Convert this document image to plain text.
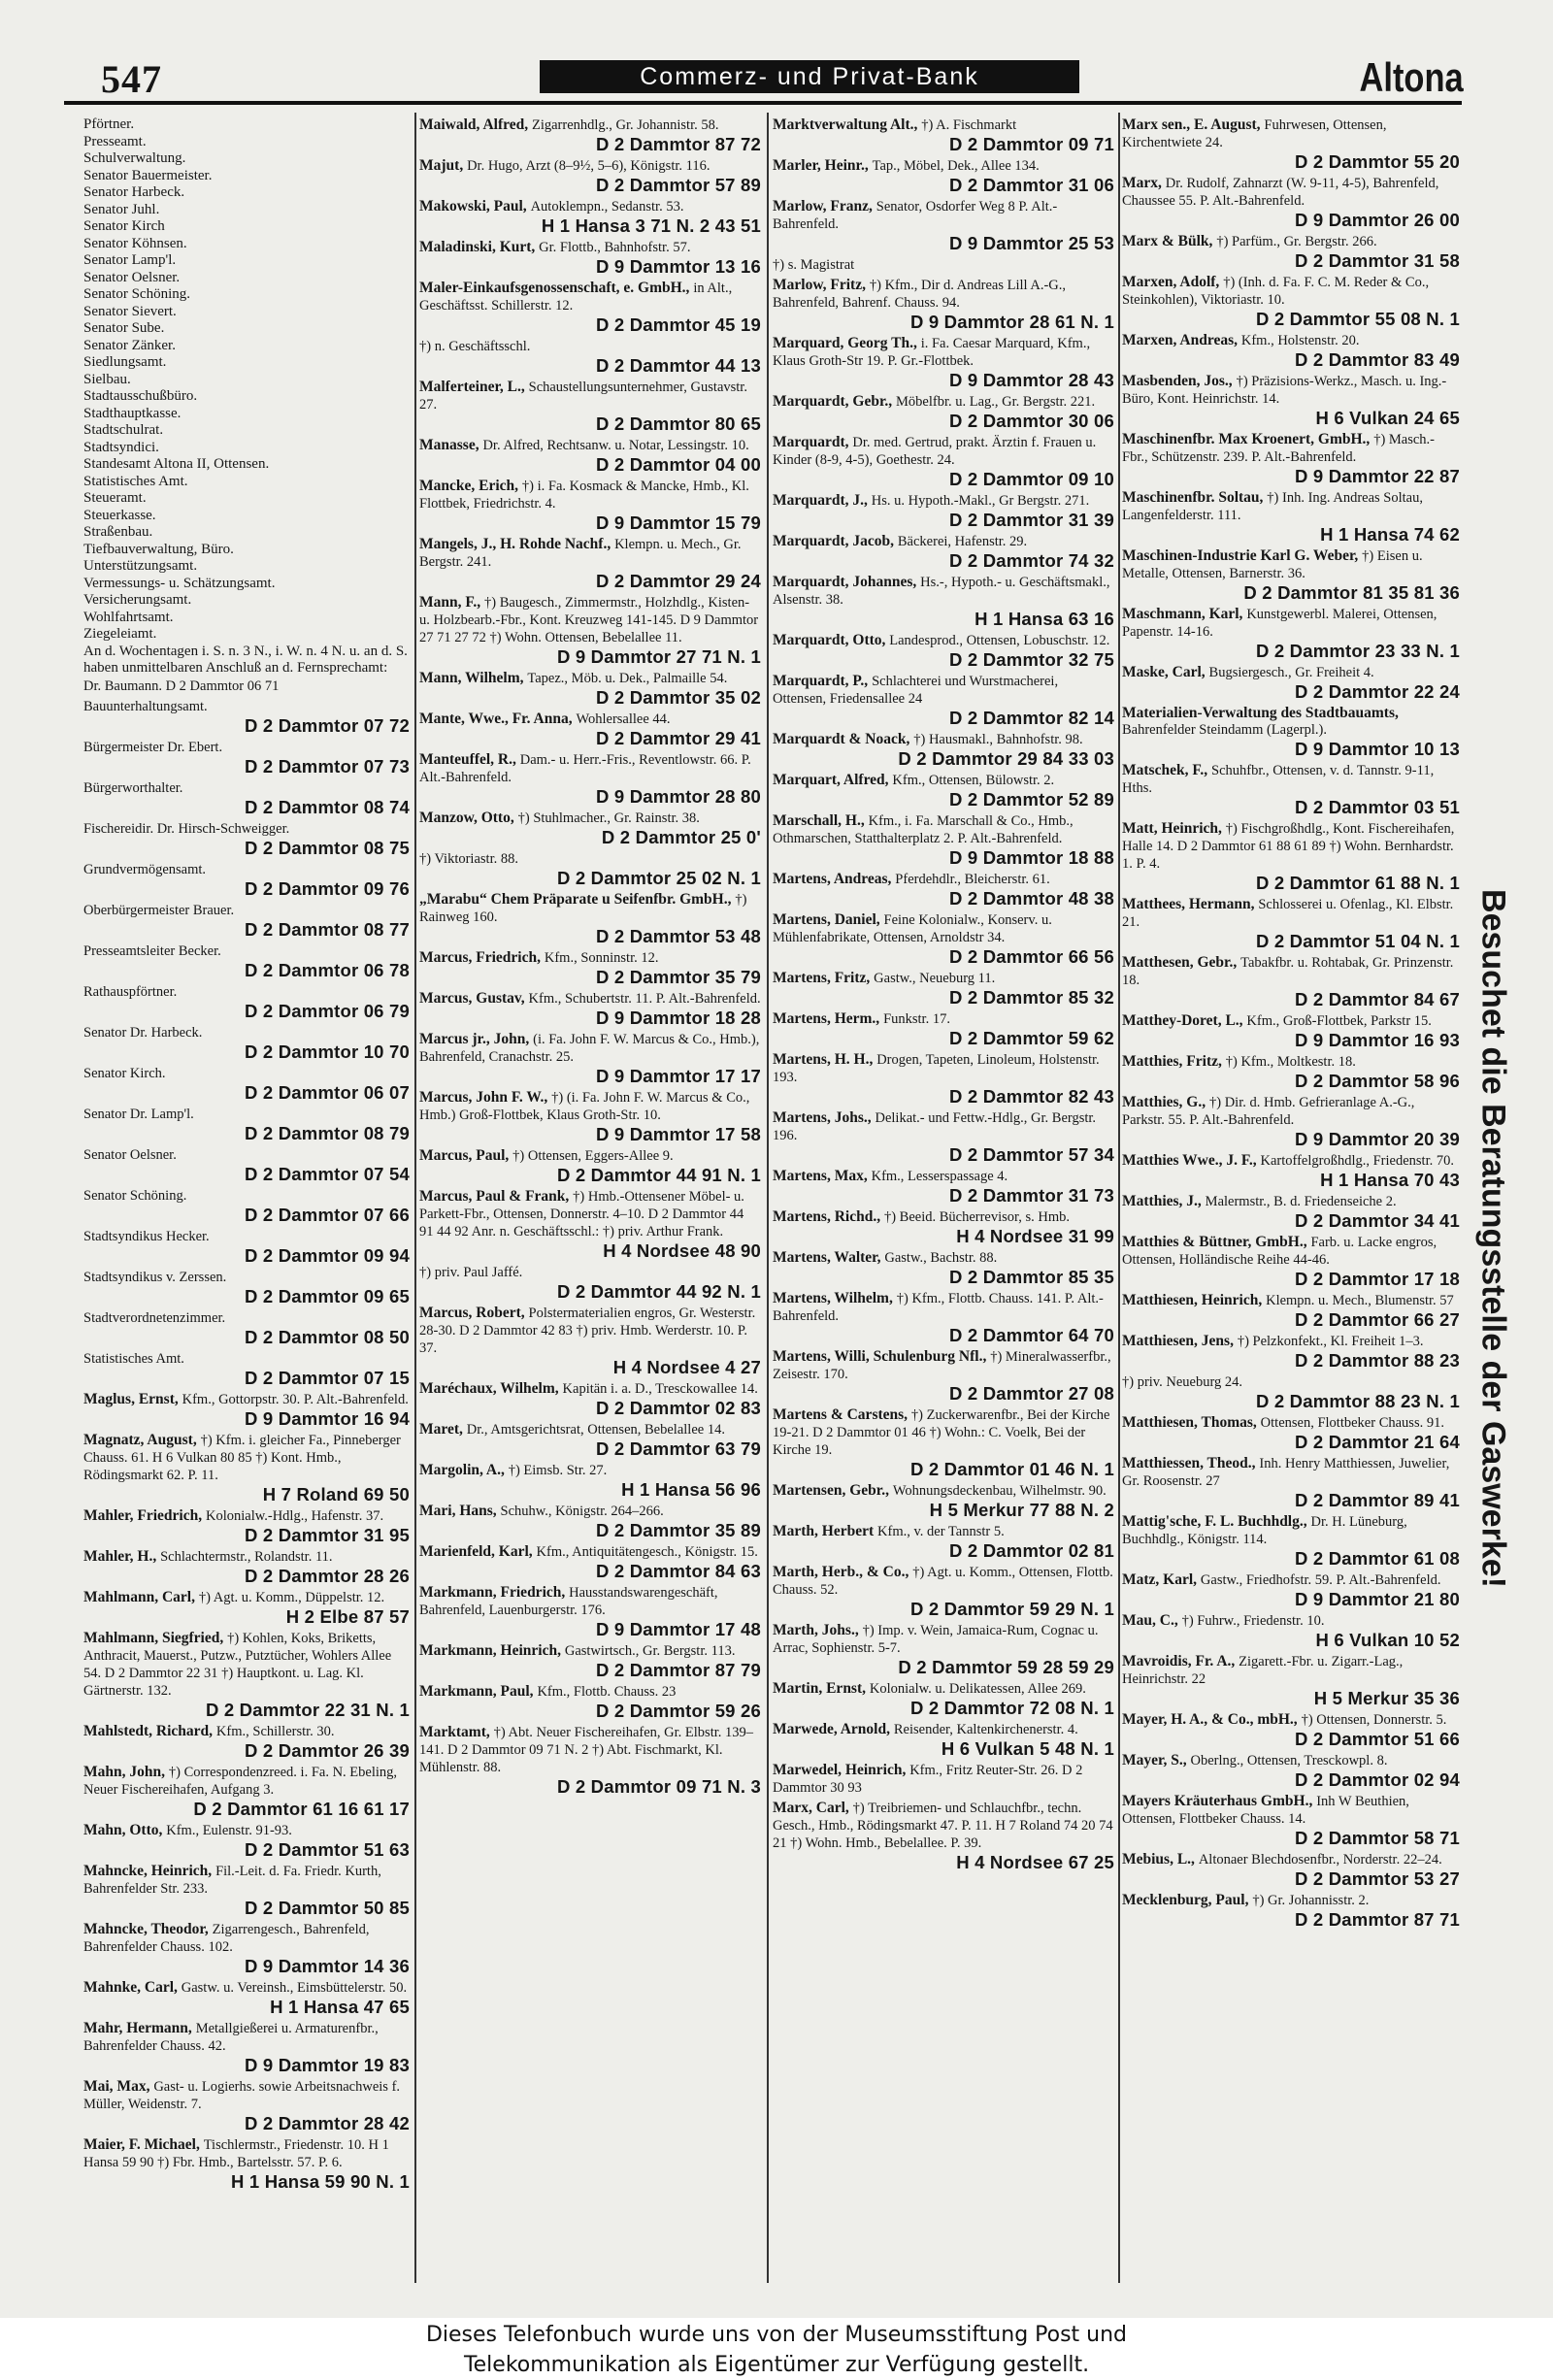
547	Commerz- und Privat-Bank	Altona
Pförtner.
Presseamt.
Schulverwaltung.
Senator Bauermeister.
Senator Harbeck.
Senator Juhl.
Senator Kirch
Senator Köhnsen.
Senator Lamp'l.
Senator Oelsner.
Senator Schöning.
Senator Sievert.
Senator Sube.
Senator Zänker.
Siedlungsamt.
Sielbau.
Stadtausschußbüro.
Stadthauptkasse.
Stadtschulrat.
Stadtsyndici.
Standesamt Altona II, Ottensen.
Statistisches Amt.
Steueramt.
Steuerkasse.
Straßenbau.
Tiefbauverwaltung, Büro.
Unterstützungsamt.
Vermessungs- u. Schätzungsamt.
Versicherungsamt.
Wohlfahrtsamt.
Ziegeleiamt.
An d. Wochentagen i. S. n. 3 N., i. W. n. 4 N. u. an d. S. haben unmittelbaren Anschluß an d. Fernsprechamt:
Dr. Baumann. D 2 Dammtor 06 71
Bauunterhaltungsamt.
D 2 Dammtor 07 72
Bürgermeister Dr. Ebert.
D 2 Dammtor 07 73
Bürgerworthalter.
D 2 Dammtor 08 74
Fischereidir. Dr. Hirsch-Schweigger.
D 2 Dammtor 08 75
Grundvermögensamt.
D 2 Dammtor 09 76
Oberbürgermeister Brauer.
D 2 Dammtor 08 77
Presseamtsleiter Becker.
D 2 Dammtor 06 78
Rathauspförtner.
D 2 Dammtor 06 79
Senator Dr. Harbeck.
D 2 Dammtor 10 70
Senator Kirch.
D 2 Dammtor 06 07
Senator Dr. Lamp'l.
D 2 Dammtor 08 79
Senator Oelsner.
D 2 Dammtor 07 54
Senator Schöning.
D 2 Dammtor 07 66
Stadtsyndikus Hecker.
D 2 Dammtor 09 94
Stadtsyndikus v. Zerssen.
D 2 Dammtor 09 65
Stadtverordnetenzimmer.
D 2 Dammtor 08 50
Statistisches Amt.
D 2 Dammtor 07 15
Maglus, Ernst, Kfm., Gottorpstr. 30. P. Alt.-Bahrenfeld.
D 9 Dammtor 16 94
Magnatz, August, †) Kfm. i. gleicher Fa., Pinneberger Chauss. 61. H 6 Vulkan 80 85 †) Kont. Hmb., Rödingsmarkt 62. P. 11.
H 7 Roland 69 50
Mahler, Friedrich, Kolonialw.-Hdlg., Hafenstr. 37.
D 2 Dammtor 31 95
Mahler, H., Schlachtermstr., Rolandstr. 11.
D 2 Dammtor 28 26
Mahlmann, Carl, †) Agt. u. Komm., Düppelstr. 12.
H 2 Elbe 87 57
Mahlmann, Siegfried, †) Kohlen, Koks, Briketts, Anthracit, Mauerst., Putzw., Putztücher, Wohlers Allee 54. D 2 Dammtor 22 31 †) Hauptkont. u. Lag. Kl. Gärtnerstr. 132.
D 2 Dammtor 22 31 N. 1
Mahlstedt, Richard, Kfm., Schillerstr. 30.
D 2 Dammtor 26 39
Mahn, John, †) Correspondenzreed. i. Fa. N. Ebeling, Neuer Fischereihafen, Aufgang 3.
D 2 Dammtor 61 16 61 17
Mahn, Otto, Kfm., Eulenstr. 91-93.
D 2 Dammtor 51 63
Mahncke, Heinrich, Fil.-Leit. d. Fa. Friedr. Kurth, Bahrenfelder Str. 233.
D 2 Dammtor 50 85
Mahncke, Theodor, Zigarrengesch., Bahrenfeld, Bahrenfelder Chauss. 102.
D 9 Dammtor 14 36
Mahnke, Carl, Gastw. u. Vereinsh., Eimsbüttelerstr. 50.
H 1 Hansa 47 65
Mahr, Hermann, Metallgießerei u. Armaturenfbr., Bahrenfelder Chauss. 42.
D 9 Dammtor 19 83
Mai, Max, Gast- u. Logierhs. sowie Arbeitsnachweis f. Müller, Weidenstr. 7.
D 2 Dammtor 28 42
Maier, F. Michael, Tischlermstr., Friedenstr. 10. H 1 Hansa 59 90 †) Fbr. Hmb., Bartelsstr. 57. P. 6.
H 1 Hansa 59 90 N. 1
Maiwald, Alfred, Zigarrenhdlg., Gr. Johannistr. 58.
D 2 Dammtor 87 72
Majut, Dr. Hugo, Arzt (8–9½, 5–6), Königstr. 116.
D 2 Dammtor 57 89
Makowski, Paul, Autoklempn., Sedanstr. 53.
H 1 Hansa 3 71 N. 2 43 51
Maladinski, Kurt, Gr. Flottb., Bahnhofstr. 57.
D 9 Dammtor 13 16
Maler-Einkaufsgenossenschaft, e. GmbH., in Alt., Geschäftsst. Schillerstr. 12.
D 2 Dammtor 45 19
†) n. Geschäftsschl.
D 2 Dammtor 44 13
Malferteiner, L., Schaustellungsunternehmer, Gustavstr. 27.
D 2 Dammtor 80 65
Manasse, Dr. Alfred, Rechtsanw. u. Notar, Lessingstr. 10.
D 2 Dammtor 04 00
Mancke, Erich, †) i. Fa. Kosmack & Mancke, Hmb., Kl. Flottbek, Friedrichstr. 4.
D 9 Dammtor 15 79
Mangels, J., H. Rohde Nachf., Klempn. u. Mech., Gr. Bergstr. 241.
D 2 Dammtor 29 24
Mann, F., †) Baugesch., Zimmermstr., Holzhdlg., Kisten- u. Holzbearb.-Fbr., Kont. Kreuzweg 141-145. D 9 Dammtor 27 71 27 72 †) Wohn. Ottensen, Bebelallee 11.
D 9 Dammtor 27 71 N. 1
Mann, Wilhelm, Tapez., Möb. u. Dek., Palmaille 54.
D 2 Dammtor 35 02
Mante, Wwe., Fr. Anna, Wohlersallee 44.
D 2 Dammtor 29 41
Manteuffel, R., Dam.- u. Herr.-Fris., Reventlowstr. 66. P. Alt.-Bahrenfeld.
D 9 Dammtor 28 80
Manzow, Otto, †) Stuhlmacher., Gr. Rainstr. 38.
D 2 Dammtor 25 0'
†) Viktoriastr. 88.
D 2 Dammtor 25 02 N. 1
„Marabu“ Chem Präparate u Seifenfbr. GmbH., †) Rainweg 160.
D 2 Dammtor 53 48
Marcus, Friedrich, Kfm., Sonninstr. 12.
D 2 Dammtor 35 79
Marcus, Gustav, Kfm., Schubertstr. 11. P. Alt.-Bahrenfeld.
D 9 Dammtor 18 28
Marcus jr., John, (i. Fa. John F. W. Marcus & Co., Hmb.), Bahrenfeld, Cranachstr. 25.
D 9 Dammtor 17 17
Marcus, John F. W., †) (i. Fa. John F. W. Marcus & Co., Hmb.) Groß-Flottbek, Klaus Groth-Str. 10.
D 9 Dammtor 17 58
Marcus, Paul, †) Ottensen, Eggers-Allee 9.
D 2 Dammtor 44 91 N. 1
Marcus, Paul & Frank, †) Hmb.-Ottensener Möbel- u. Parkett-Fbr., Ottensen, Donnerstr. 4–10. D 2 Dammtor 44 91 44 92 Anr. n. Geschäftsschl.: †) priv. Arthur Frank.
H 4 Nordsee 48 90
†) priv. Paul Jaffé.
D 2 Dammtor 44 92 N. 1
Marcus, Robert, Polstermaterialien engros, Gr. Westerstr. 28-30. D 2 Dammtor 42 83 †) priv. Hmb. Werderstr. 10. P. 37.
H 4 Nordsee 4 27
Maréchaux, Wilhelm, Kapitän i. a. D., Tresckowallee 14.
D 2 Dammtor 02 83
Maret, Dr., Amtsgerichtsrat, Ottensen, Bebelallee 14.
D 2 Dammtor 63 79
Margolin, A., †) Eimsb. Str. 27.
H 1 Hansa 56 96
Mari, Hans, Schuhw., Königstr. 264–266.
D 2 Dammtor 35 89
Marienfeld, Karl, Kfm., Antiquitätengesch., Königstr. 15.
D 2 Dammtor 84 63
Markmann, Friedrich, Hausstandswarengeschäft, Bahrenfeld, Lauenburgerstr. 176.
D 9 Dammtor 17 48
Markmann, Heinrich, Gastwirtsch., Gr. Bergstr. 113.
D 2 Dammtor 87 79
Markmann, Paul, Kfm., Flottb. Chauss. 23
D 2 Dammtor 59 26
Marktamt, †) Abt. Neuer Fischereihafen, Gr. Elbstr. 139–141. D 2 Dammtor 09 71 N. 2 †) Abt. Fischmarkt, Kl. Mühlenstr. 88.
D 2 Dammtor 09 71 N. 3
Marktverwaltung Alt., †) A. Fischmarkt
D 2 Dammtor 09 71
Marler, Heinr., Tap., Möbel, Dek., Allee 134.
D 2 Dammtor 31 06
Marlow, Franz, Senator, Osdorfer Weg 8 P. Alt.-Bahrenfeld.
D 9 Dammtor 25 53
†) s. Magistrat
Marlow, Fritz, †) Kfm., Dir d. Andreas Lill A.-G., Bahrenfeld, Bahrenf. Chauss. 94.
D 9 Dammtor 28 61 N. 1
Marquard, Georg Th., i. Fa. Caesar Marquard, Kfm., Klaus Groth-Str 19. P. Gr.-Flottbek.
D 9 Dammtor 28 43
Marquardt, Gebr., Möbelfbr. u. Lag., Gr. Bergstr. 221.
D 2 Dammtor 30 06
Marquardt, Dr. med. Gertrud, prakt. Ärztin f. Frauen u. Kinder (8-9, 4-5), Goethestr. 24.
D 2 Dammtor 09 10
Marquardt, J., Hs. u. Hypoth.-Makl., Gr Bergstr. 271.
D 2 Dammtor 31 39
Marquardt, Jacob, Bäckerei, Hafenstr. 29.
D 2 Dammtor 74 32
Marquardt, Johannes, Hs.-, Hypoth.- u. Geschäftsmakl., Alsenstr. 38.
H 1 Hansa 63 16
Marquardt, Otto, Landesprod., Ottensen, Lobuschstr. 12.
D 2 Dammtor 32 75
Marquardt, P., Schlachterei und Wurstmacherei, Ottensen, Friedensallee 24
D 2 Dammtor 82 14
Marquardt & Noack, †) Hausmakl., Bahnhofstr. 98.
D 2 Dammtor 29 84 33 03
Marquart, Alfred, Kfm., Ottensen, Bülowstr. 2.
D 2 Dammtor 52 89
Marschall, H., Kfm., i. Fa. Marschall & Co., Hmb., Othmarschen, Statthalterplatz 2. P. Alt.-Bahrenfeld.
D 9 Dammtor 18 88
Martens, Andreas, Pferdehdlr., Bleicherstr. 61.
D 2 Dammtor 48 38
Martens, Daniel, Feine Kolonialw., Konserv. u. Mühlenfabrikate, Ottensen, Arnoldstr 34.
D 2 Dammtor 66 56
Martens, Fritz, Gastw., Neueburg 11.
D 2 Dammtor 85 32
Martens, Herm., Funkstr. 17.
D 2 Dammtor 59 62
Martens, H. H., Drogen, Tapeten, Linoleum, Holstenstr. 193.
D 2 Dammtor 82 43
Martens, Johs., Delikat.- und Fettw.-Hdlg., Gr. Bergstr. 196.
D 2 Dammtor 57 34
Martens, Max, Kfm., Lesserspassage 4.
D 2 Dammtor 31 73
Martens, Richd., †) Beeid. Bücherrevisor, s. Hmb.
H 4 Nordsee 31 99
Martens, Walter, Gastw., Bachstr. 88.
D 2 Dammtor 85 35
Martens, Wilhelm, †) Kfm., Flottb. Chauss. 141. P. Alt.-Bahrenfeld.
D 2 Dammtor 64 70
Martens, Willi, Schulenburg Nfl., †) Mineralwasserfbr., Zeisestr. 170.
D 2 Dammtor 27 08
Martens & Carstens, †) Zuckerwarenfbr., Bei der Kirche 19-21. D 2 Dammtor 01 46 †) Wohn.: C. Voelk, Bei der Kirche 19.
D 2 Dammtor 01 46 N. 1
Martensen, Gebr., Wohnungsdeckenbau, Wilhelmstr. 90.
H 5 Merkur 77 88 N. 2
Marth, Herbert Kfm., v. der Tannstr 5.
D 2 Dammtor 02 81
Marth, Herb., & Co., †) Agt. u. Komm., Ottensen, Flottb. Chauss. 52.
D 2 Dammtor 59 29 N. 1
Marth, Johs., †) Imp. v. Wein, Jamaica-Rum, Cognac u. Arrac, Sophienstr. 5-7.
D 2 Dammtor 59 28 59 29
Martin, Ernst, Kolonialw. u. Delikatessen, Allee 269.
D 2 Dammtor 72 08 N. 1
Marwede, Arnold, Reisender, Kaltenkirchenerstr. 4.
H 6 Vulkan 5 48 N. 1
Marwedel, Heinrich, Kfm., Fritz Reuter-Str. 26. D 2 Dammtor 30 93
Marx, Carl, †) Treibriemen- und Schlauchfbr., techn. Gesch., Hmb., Rödingsmarkt 47. P. 11. H 7 Roland 74 20 74 21 †) Wohn. Hmb., Bebelallee. P. 39.
H 4 Nordsee 67 25
Marx sen., E. August, Fuhrwesen, Ottensen, Kirchentwiete 24.
D 2 Dammtor 55 20
Marx, Dr. Rudolf, Zahnarzt (W. 9-11, 4-5), Bahrenfeld, Chaussee 55. P. Alt.-Bahrenfeld.
D 9 Dammtor 26 00
Marx & Bülk, †) Parfüm., Gr. Bergstr. 266.
D 2 Dammtor 31 58
Marxen, Adolf, †) (Inh. d. Fa. F. C. M. Reder & Co., Steinkohlen), Viktoriastr. 10.
D 2 Dammtor 55 08 N. 1
Marxen, Andreas, Kfm., Holstenstr. 20.
D 2 Dammtor 83 49
Masbenden, Jos., †) Präzisions-Werkz., Masch. u. Ing.-Büro, Kont. Heinrichstr. 14.
H 6 Vulkan 24 65
Maschinenfbr. Max Kroenert, GmbH., †) Masch.-Fbr., Schützenstr. 239. P. Alt.-Bahrenfeld.
D 9 Dammtor 22 87
Maschinenfbr. Soltau, †) Inh. Ing. Andreas Soltau, Langenfelderstr. 111.
H 1 Hansa 74 62
Maschinen-Industrie Karl G. Weber, †) Eisen u. Metalle, Ottensen, Barnerstr. 36.
D 2 Dammtor 81 35 81 36
Maschmann, Karl, Kunstgewerbl. Malerei, Ottensen, Papenstr. 14-16.
D 2 Dammtor 23 33 N. 1
Maske, Carl, Bugsiergesch., Gr. Freiheit 4.
D 2 Dammtor 22 24
Materialien-Verwaltung des Stadtbauamts, Bahrenfelder Steindamm (Lagerpl.).
D 9 Dammtor 10 13
Matschek, F., Schuhfbr., Ottensen, v. d. Tannstr. 9-11, Hths.
D 2 Dammtor 03 51
Matt, Heinrich, †) Fischgroßhdlg., Kont. Fischereihafen, Halle 14. D 2 Dammtor 61 88 61 89 †) Wohn. Bernhardstr. 1. P. 4.
D 2 Dammtor 61 88 N. 1
Matthees, Hermann, Schlosserei u. Ofenlag., Kl. Elbstr. 21.
D 2 Dammtor 51 04 N. 1
Matthesen, Gebr., Tabakfbr. u. Rohtabak, Gr. Prinzenstr. 18.
D 2 Dammtor 84 67
Matthey-Doret, L., Kfm., Groß-Flottbek, Parkstr 15.
D 9 Dammtor 16 93
Matthies, Fritz, †) Kfm., Moltkestr. 18.
D 2 Dammtor 58 96
Matthies, G., †) Dir. d. Hmb. Gefrieranlage A.-G., Parkstr. 55. P. Alt.-Bahrenfeld.
D 9 Dammtor 20 39
Matthies Wwe., J. F., Kartoffelgroßhdlg., Friedenstr. 70.
H 1 Hansa 70 43
Matthies, J., Malermstr., B. d. Friedenseiche 2.
D 2 Dammtor 34 41
Matthies & Büttner, GmbH., Farb. u. Lacke engros, Ottensen, Holländische Reihe 44-46.
D 2 Dammtor 17 18
Matthiesen, Heinrich, Klempn. u. Mech., Blumenstr. 57
D 2 Dammtor 66 27
Matthiesen, Jens, †) Pelzkonfekt., Kl. Freiheit 1–3.
D 2 Dammtor 88 23
†) priv. Neueburg 24.
D 2 Dammtor 88 23 N. 1
Matthiesen, Thomas, Ottensen, Flottbeker Chauss. 91.
D 2 Dammtor 21 64
Matthiessen, Theod., Inh. Henry Matthiessen, Juwelier, Gr. Roosenstr. 27
D 2 Dammtor 89 41
Mattig'sche, F. L. Buchhdlg., Dr. H. Lüneburg, Buchhdlg., Königstr. 114.
D 2 Dammtor 61 08
Matz, Karl, Gastw., Friedhofstr. 59. P. Alt.-Bahrenfeld.
D 9 Dammtor 21 80
Mau, C., †) Fuhrw., Friedenstr. 10.
H 6 Vulkan 10 52
Mavroidis, Fr. A., Zigarett.-Fbr. u. Zigarr.-Lag., Heinrichstr. 22
H 5 Merkur 35 36
Mayer, H. A., & Co., mbH., †) Ottensen, Donnerstr. 5.
D 2 Dammtor 51 66
Mayer, S., Oberlng., Ottensen, Tresckowpl. 8.
D 2 Dammtor 02 94
Mayers Kräuterhaus GmbH., Inh W Beuthien, Ottensen, Flottbeker Chauss. 14.
D 2 Dammtor 58 71
Mebius, L., Altonaer Blechdosenfbr., Norderstr. 22–24.
D 2 Dammtor 53 27
Mecklenburg, Paul, †) Gr. Johannisstr. 2.
D 2 Dammtor 87 71
Besuchet die Beratungsstelle der Gaswerke!
Dieses Telefonbuch wurde uns von der Museumsstiftung Post und
Telekommunikation als Eigentümer zur Verfügung gestellt.
